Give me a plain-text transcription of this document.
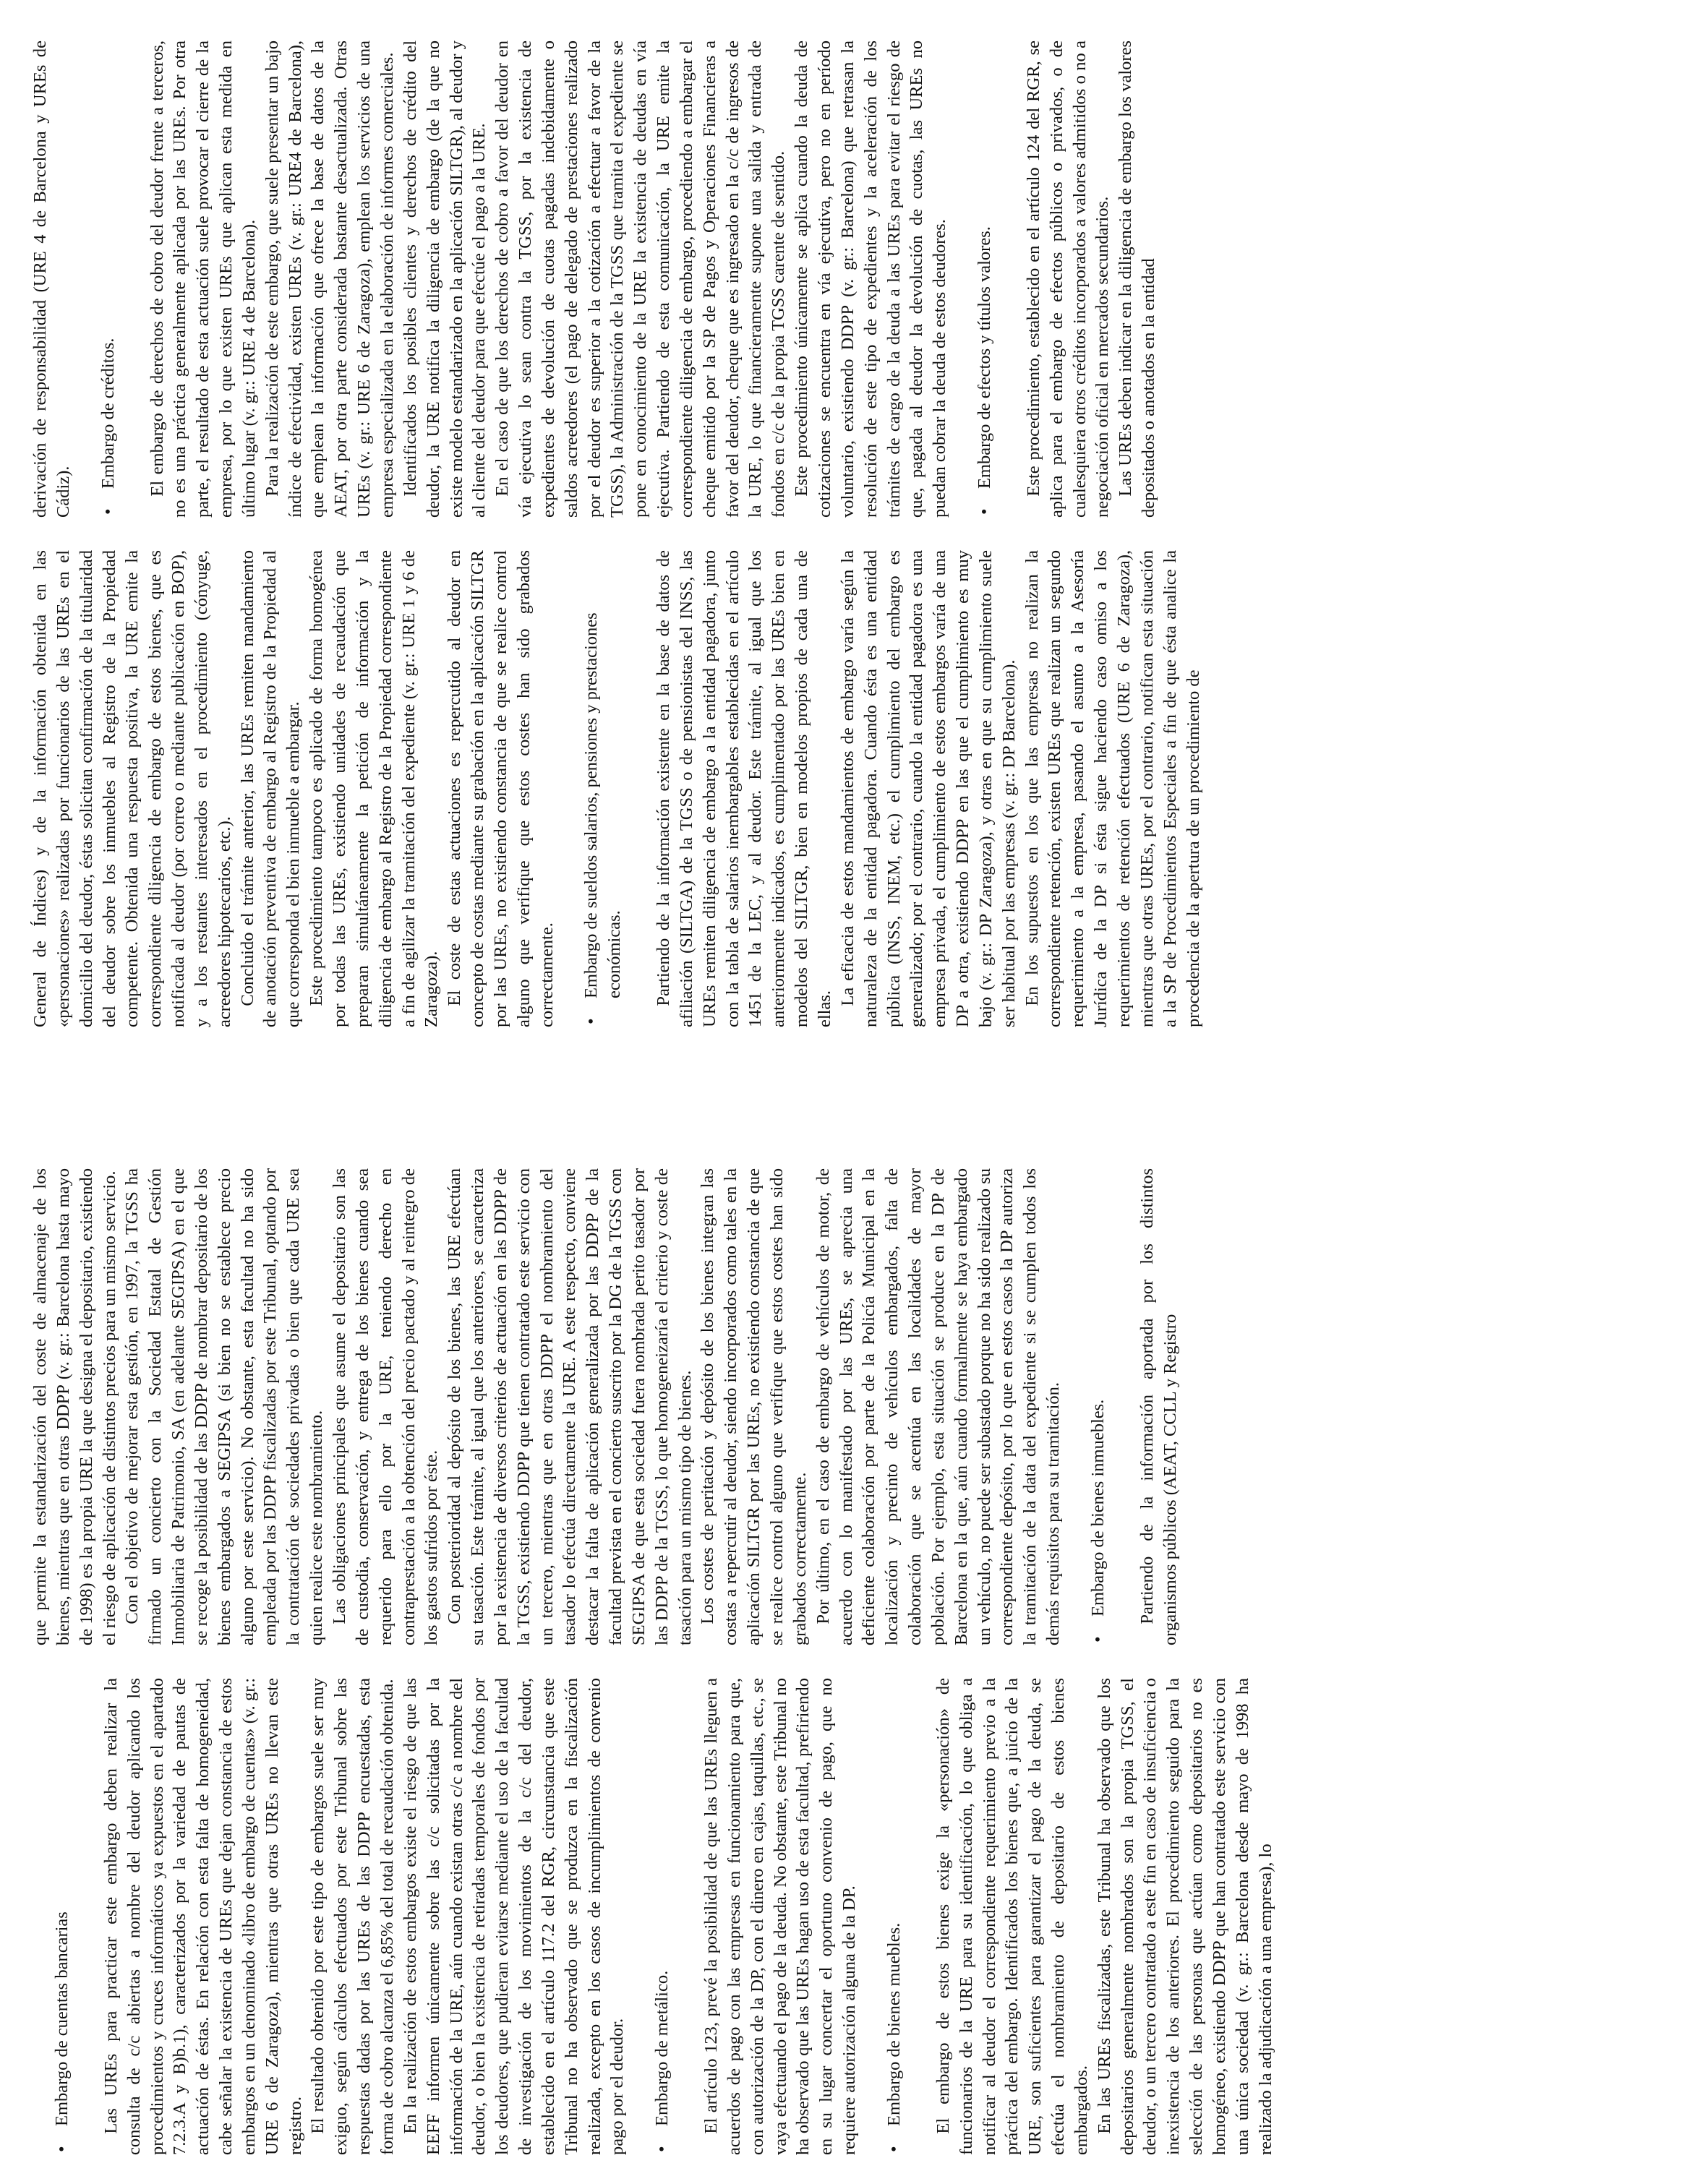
•
Embargo de cuentas bancarias Las UREs para practicar este embargo deben realizar la consulta de c/c abiertas a nombre del deudor aplicando los procedimientos y cruces informáticos ya expuestos en el apartado 7.2.3.A y B)b.1), caracterizados por la variedad de pautas de actuación de éstas. En relación con esta falta de homogeneidad, cabe señalar la existencia de UREs que dejan constancia de estos embargos en un denominado «libro de embargo de cuentas» (v. gr.: URE 6 de Zaragoza), mientras que otras UREs no llevan este registro. El resultado obtenido por este tipo de embargos suele ser muy exiguo, según cálculos efectuados por este Tribunal sobre las respuestas dadas por las UREs de las DDPP encuestadas, esta forma de cobro alcanza el 6,85% del total de recaudación obtenida. En la realización de estos embargos existe el riesgo de que las EEFF informen únicamente sobre las c/c solicitadas por la información de la URE, aún cuando existan otras c/c a nombre del deudor, o bien la existencia de retiradas temporales de fondos por los deudores, que pudieran evitarse mediante el uso de la facultad de investigación de los movimientos de la c/c del deudor, establecido en el artículo 117.2 del RGR, circunstancia que este Tribunal no ha observado que se produzca en la fiscalización realizada, excepto en los casos de incumplimientos de convenio pago por el deudor. •
Embargo de metálico. El artículo 123, prevé la posibilidad de que las UREs lleguen a acuerdos de pago con las empresas en funcionamiento para que, con autorización de la DP, con el dinero en cajas, taquillas, etc., se vaya efectuando el pago de la deuda. No obstante, este Tribunal no ha observado que las UREs hagan uso de esta facultad, prefiriendo en su lugar concertar el oportuno convenio de pago, que no requiere autorización alguna de la DP. •
Embargo de bienes muebles. El embargo de estos bienes exige la «personación» de funcionarios de la URE para su identificación, lo que obliga a notificar al deudor el correspondiente requerimiento previo a la práctica del embargo. Identificados los bienes que, a juicio de la URE, son suficientes para garantizar el pago de la deuda, se efectúa el nombramiento de depositario de estos bienes embargados. En las UREs fiscalizadas, este Tribunal ha observado que los depositarios generalmente nombrados son la propia TGSS, el deudor, o un tercero contratado a este fin en caso de insuficiencia o inexistencia de los anteriores. El procedimiento seguido para la selección de las personas que actúan como depositarios no es homogéneo, existiendo DDPP que han contratado este servicio con una única sociedad (v. gr.: Barcelona desde mayo de 1998 ha realizado la adjudicación a una empresa), lo

que permite la estandarización del coste de almacenaje de los bienes, mientras que en otras DDPP (v. gr.: Barcelona hasta mayo de 1998) es la propia URE la que designa el depositario, existiendo el riesgo de aplicación de distintos precios para un mismo servicio. Con el objetivo de mejorar esta gestión, en 1997, la TGSS ha firmado un concierto con la Sociedad Estatal de Gestión Inmobiliaria de Patrimonio, SA (en adelante SEGIPSA) en el que se recoge la posibilidad de las DDPP de nombrar depositario de los bienes embargados a SEGIPSA (si bien no se establece precio alguno por este servicio). No obstante, esta facultad no ha sido empleada por las DDPP fiscalizadas por este Tribunal, optando por la contratación de sociedades privadas o bien que cada URE sea quien realice este nombramiento. Las obligaciones principales que asume el depositario son las de custodia, conservación, y entrega de los bienes cuando sea requerido para ello por la URE, teniendo derecho en contraprestación a la obtención del precio pactado y al reintegro de los gastos sufridos por éste. Con posterioridad al depósito de los bienes, las URE efectúan su tasación. Este trámite, al igual que los anteriores, se caracteriza por la existencia de diversos criterios de actuación en las DDPP de la TGSS, existiendo DDPP que tienen contratado este servicio con un tercero, mientras que en otras DDPP el nombramiento del tasador lo efectúa directamente la URE. A este respecto, conviene destacar la falta de aplicación generalizada por las DDPP de la facultad prevista en el concierto suscrito por la DG de la TGSS con SEGIPSA de que esta sociedad fuera nombrada perito tasador por las DDPP de la TGSS, lo que homogeneizaría el criterio y coste de tasación para un mismo tipo de bienes. Los costes de peritación y depósito de los bienes integran las costas a repercutir al deudor, siendo incorporados como tales en la aplicación SILTGR por las UREs, no existiendo constancia de que se realice control alguno que verifique que estos costes han sido grabados correctamente. Por último, en el caso de embargo de vehículos de motor, de acuerdo con lo manifestado por las UREs, se aprecia una deficiente colaboración por parte de la Policía Municipal en la localización y precinto de vehículos embargados, falta de colaboración que se acentúa en las localidades de mayor población. Por ejemplo, esta situación se produce en la DP de Barcelona en la que, aún cuando formalmente se haya embargado un vehículo, no puede ser subastado porque no ha sido realizado su correspondiente depósito, por lo que en estos casos la DP autoriza la tramitación de la data del expediente si se cumplen todos los demás requisitos para su tramitación. •
Embargo de bienes inmuebles. Partiendo de la información aportada por los distintos organismos públicos (AEAT, CCLL y Registro

General de Índices) y de la información obtenida en las «personaciones» realizadas por funcionarios de las UREs en el domicilio del deudor, éstas solicitan confirmación de la titularidad del deudor sobre los inmuebles al Registro de la Propiedad competente. Obtenida una respuesta positiva, la URE emite la correspondiente diligencia de embargo de estos bienes, que es notificada al deudor (por correo o mediante publicación en BOP), y a los restantes interesados en el procedimiento (cónyuge, acreedores hipotecarios, etc.). Concluido el trámite anterior, las UREs remiten mandamiento de anotación preventiva de embargo al Registro de la Propiedad al que corresponda el bien inmueble a embargar. Este procedimiento tampoco es aplicado de forma homogénea por todas las UREs, existiendo unidades de recaudación que preparan simultáneamente la petición de información y la diligencia de embargo al Registro de la Propiedad correspondiente a fin de agilizar la tramitación del expediente (v. gr.: URE 1 y 6 de Zaragoza). El coste de estas actuaciones es repercutido al deudor en concepto de costas mediante su grabación en la aplicación SILTGR por las UREs, no existiendo constancia de que se realice control alguno que verifique que estos costes han sido grabados correctamente. •
Embargo de sueldos salarios, pensiones y prestaciones económicas. Partiendo de la información existente en la base de datos de afiliación (SILTGA) de la TGSS o de pensionistas del INSS, las UREs remiten diligencia de embargo a la entidad pagadora, junto con la tabla de salarios inembargables establecidas en el artículo 1451 de la LEC, y al deudor. Este trámite, al igual que los anteriormente indicados, es cumplimentado por las UREs bien en modelos del SILTGR, bien en modelos propios de cada una de ellas.

La eficacia de estos mandamientos de embargo varía según la naturaleza de la entidad pagadora. Cuando ésta es una entidad pública (INSS, INEM, etc.) el cumplimiento del embargo es generalizado; por el contrario, cuando la entidad pagadora es una empresa privada, el cumplimiento de estos embargos varía de una DP a otra, existiendo DDPP en las que el cumplimiento es muy bajo (v. gr.: DP Zaragoza), y otras en que su cumplimiento suele ser habitual por las empresas (v. gr.: DP Barcelona). En los supuestos en los que las empresas no realizan la correspondiente retención, existen UREs que realizan un segundo requerimiento a la empresa, pasando el asunto a la Asesoría Jurídica de la DP si ésta sigue haciendo caso omiso a los requerimientos de retención efectuados (URE 6 de Zaragoza), mientras que otras UREs, por el contrario, notifican esta situación a la SP de Procedimientos Especiales a fin de que ésta analice la procedencia de la apertura de un procedimiento de

derivación de responsabilidad (URE 4 de Barcelona y UREs de Cádiz). •
Embargo de créditos. El embargo de derechos de cobro del deudor frente a terceros, no es una práctica generalmente aplicada por las UREs. Por otra parte, el resultado de esta actuación suele provocar el cierre de la empresa, por lo que existen UREs que aplican esta medida en último lugar (v. gr.: URE 4 de Barcelona). Para la realización de este embargo, que suele presentar un bajo índice de efectividad, existen UREs (v. gr.: URE4 de Barcelona), que emplean la información que ofrece la base de datos de la AEAT, por otra parte considerada bastante desactualizada. Otras UREs (v. gr.: URE 6 de Zaragoza), emplean los servicios de una empresa especializada en la elaboración de informes comerciales. Identificados los posibles clientes y derechos de crédito del deudor, la URE notifica la diligencia de embargo (de la que no existe modelo estandarizado en la aplicación SILTGR), al deudor y al cliente del deudor para que efectúe el pago a la URE. En el caso de que los derechos de cobro a favor del deudor en vía ejecutiva lo sean contra la TGSS, por la existencia de expedientes de devolución de cuotas pagadas indebidamente o saldos acreedores (el pago de delegado de prestaciones realizado por el deudor es superior a la cotización a efectuar a favor de la TGSS), la Administración de la TGSS que tramita el expediente se pone en conocimiento de la URE la existencia de deudas en vía ejecutiva. Partiendo de esta comunicación, la URE emite la correspondiente diligencia de embargo, procediendo a embargar el cheque emitido por la SP de Pagos y Operaciones Financieras a favor del deudor, cheque que es ingresado en la c/c de ingresos de la URE, lo que financieramente supone una salida y entrada de fondos en c/c de la propia TGSS carente de sentido. Este procedimiento únicamente se aplica cuando la deuda de cotizaciones se encuentra en vía ejecutiva, pero no en período voluntario, existiendo DDPP (v. gr.: Barcelona) que retrasan la resolución de este tipo de expedientes y la aceleración de los trámites de cargo de la deuda a las UREs para evitar el riesgo de que, pagada al deudor la devolución de cuotas, las UREs no puedan cobrar la deuda de estos deudores. •
Embargo de efectos y títulos valores. Este procedimiento, establecido en el artículo 124 del RGR, se aplica para el embargo de efectos públicos o privados, o de cualesquiera otros créditos incorporados a valores admitidos o no a negociación oficial en mercados secundarios. Las UREs deben indicar en la diligencia de embargo los valores depositados o anotados en la entidad
